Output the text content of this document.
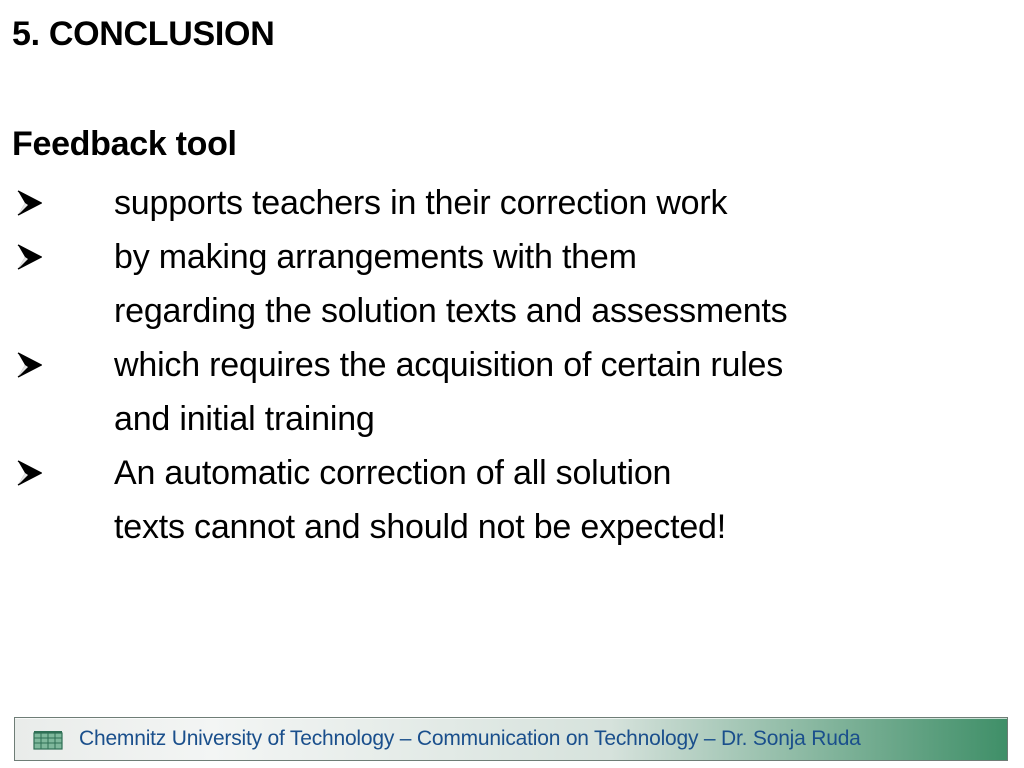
5. CONCLUSION
Feedback tool
supports teachers in their correction work
by making arrangements with them
regarding the solution texts and assessments
which requires the acquisition of certain rules
and initial training
An automatic correction of all solution
texts cannot and should not be expected!
Chemnitz University of Technology – Communication on Technology – Dr. Sonja Ruda
